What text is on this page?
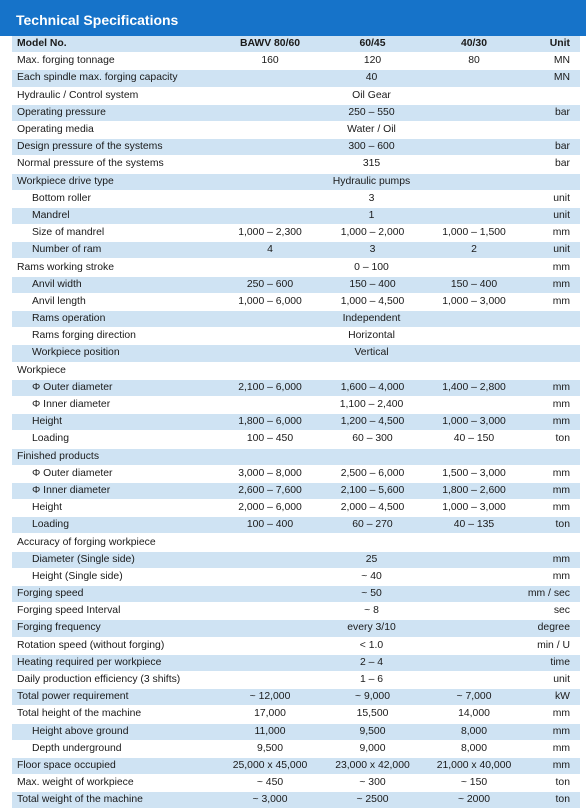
Technical Specifications
Model No.	BAWV 80/60	60/45	40/30	Unit
Max. forging tonnage	160	120	80	MN
Each spindle max. forging capacity	40			MN
Hydraulic / Control system	Oil Gear			
Operating pressure	250 – 550			bar
Operating media	Water / Oil			
Design pressure of the systems	300 – 600			bar
Normal pressure of the systems	315			bar
Workpiece drive type	Hydraulic pumps			
Bottom roller	3			unit
Mandrel	1			unit
Size of mandrel	1,000 – 2,300	1,000 – 2,000	1,000 – 1,500	mm
Number of ram	4	3	2	unit
Rams working stroke	0 – 100			mm
Anvil width	250 – 600	150 – 400	150 – 400	mm
Anvil length	1,000 – 6,000	1,000 – 4,500	1,000 – 3,000	mm
Rams operation	Independent			
Rams forging direction	Horizontal			
Workpiece position	Vertical			
Workpiece				
Φ Outer diameter	2,100 – 6,000	1,600 – 4,000	1,400 – 2,800	mm
Φ Inner diameter	1,100 – 2,400			mm
Height	1,800 – 6,000	1,200 – 4,500	1,000 – 3,000	mm
Loading	100 – 450	60 – 300	40 – 150	ton
Finished products				
Φ Outer diameter	3,000 – 8,000	2,500 – 6,000	1,500 – 3,000	mm
Φ Inner diameter	2,600 – 7,600	2,100 – 5,600	1,800 – 2,600	mm
Height	2,000 – 6,000	2,000 – 4,500	1,000 – 3,000	mm
Loading	100 – 400	60 – 270	40 – 135	ton
Accuracy of forging workpiece				
Diameter (Single side)	25			mm
Height (Single side)	~ 40			mm
Forging speed	~ 50			mm / sec
Forging speed Interval	~ 8			sec
Forging frequency	every 3/10			degree
Rotation speed (without forging)	< 1.0			min / U
Heating required per workpiece	2 – 4			time
Daily production efficiency (3 shifts)	1 – 6			unit
Total power requirement	~ 12,000	~ 9,000	~ 7,000	kW
Total height of the machine	17,000	15,500	14,000	mm
Height above ground	11,000	9,500	8,000	mm
Depth underground	9,500	9,000	8,000	mm
Floor space occupied	25,000 x 45,000	23,000 x 42,000	21,000 x 40,000	mm
Max. weight of workpiece	~ 450	~ 300	~ 150	ton
Total weight of the machine	~ 3,000	~ 2500	~ 2000	ton
